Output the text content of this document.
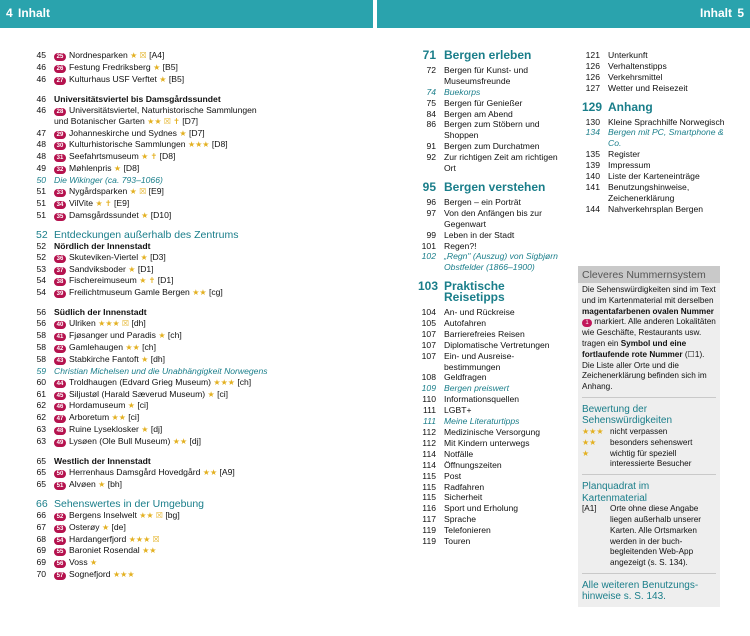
4 Inhalt	Inhalt 5
45	25 Nordnesparken ★ ☒ [A4]
46	26 Festung Fredriksberg ★ [B5]
46	27 Kulturhaus USF Verftet ★ [B5]
46 Universitätsviertel bis Damsgårdssundet
46	28 Universitätsviertel, Naturhistorische Sammlungen
und Botanischer Garten ★★ ☒ ✝ [D7]
47	29 Johanneskirche und Sydnes ★ [D7]
48	30 Kulturhistorische Sammlungen ★★★ [D8]
48	31 Seefahrtsmuseum ★ ✝ [D8]
49	32 Møhlenpris ★ [D8]
50 Die Wikinger (ca. 793–1066)
51	33 Nygårdsparken ★ ☒ [E9]
51	34 VilVite ★ ✝ [E9]
51	35 Damsgårdssundet ★ [D10]
52 Entdeckungen außerhalb des Zentrums
52 Nördlich der Innenstadt
52	36 Skuteviken-Viertel ★ [D3]
53	37 Sandviksboder ★ [D1]
54	38 Fischereimuseum ★ ✝ [D1]
54	39 Freilichtmuseum Gamle Bergen ★★ [cg]
56 Südlich der Innenstadt
56	40 Ulriken ★★★ ☒ [dh]
58	41 Fjøsanger und Paradis ★ [ch]
58	42 Gamlehaugen ★★ [ch]
58	43 Stabkirche Fantoft ★ [dh]
59 Christian Michelsen und die Unabhängigkeit Norwegens
60	44 Troldhaugen (Edvard Grieg Museum) ★★★ [ch]
61	45 Siljustøl (Harald Sæverud Museum) ★ [ci]
62	46 Hordamuseum ★ [ci]
62	47 Arboretum ★★ [ci]
63	48 Ruine Lyseklosker ★ [dj]
63	49 Lysøen (Ole Bull Museum) ★★ [dj]
65 Westlich der Innenstadt
65	50 Herrenhaus Damsgård Hovedgård ★★ [A9]
65	51 Alvøen ★ [bh]
66 Sehenswertes in der Umgebung
66	52 Bergens Inselwelt ★★ ☒ [bg]
67	53 Osterøy ★ [de]
68	54 Hardangerfjord ★★★ ☒
69	55 Baroniet Rosendal ★★
69	56 Voss ★
70	57 Sognefjord ★★★
71 Bergen erleben
72 Bergen für Kunst- und Museumsfreunde
74 Buekorps
75 Bergen für Genießer
84 Bergen am Abend
86 Bergen zum Stöbern und Shoppen
91 Bergen zum Durchatmen
92 Zur richtigen Zeit am richtigen Ort
95 Bergen verstehen
96 Bergen – ein Porträt
97 Von den Anfängen bis zur Gegenwart
99 Leben in der Stadt
101 Regen?!
102 „Regn" (Auszug) von Sigbjørn Obstfelder (1866–1900)
103 Praktische Reisetipps
104 An- und Rückreise
105 Autofahren
107 Barrierefreies Reisen
107 Diplomatische Vertretungen
107 Ein- und Ausreise-bestimmungen
108 Geldfragen
109 Bergen preiswert
110 Informationsquellen
111 LGBT+
111 Meine Literaturtipps
112 Medizinische Versorgung
112 Mit Kindern unterwegs
114 Notfälle
114 Öffnungszeiten
115 Post
115 Radfahren
115 Sicherheit
116 Sport und Erholung
117 Sprache
119 Telefonieren
119 Touren
121 Unterkunft
126 Verhaltenstipps
126 Verkehrsmittel
127 Wetter und Reisezeit
129 Anhang
130 Kleine Sprachhilfe Norwegisch
134 Bergen mit PC, Smartphone & Co.
135 Register
139 Impressum
140 Liste der Karteneinträge
141 Benutzungshinweise, Zeichenerklärung
144 Nahverkehrsplan Bergen
Cleveres Nummernsystem
Die Sehenswürdigkeiten sind im Text und im Kartenmaterial mit derselben magentafarbenen ovalen Nummer 1 markiert. Alle anderen Lokalitäten wie Geschäfte, Restaurants usw. tragen ein Symbol und eine fortlaufende rote Nummer (☐1). Die Liste aller Orte und die Zeichenerklärung befinden sich im Anhang.
Bewertung der Sehenswürdigkeiten
★★★ nicht verpassen
★★	besonders sehenswert
★	wichtig für speziell interessierte Besucher
Planquadrat im Kartenmaterial
[A1]	Orte ohne diese Angabe liegen außerhalb unserer Karten. Alle Ortsmarken werden in der buch-begleitenden Web-App angezeigt (s. S. 134).
Alle weiteren Benutzungs-hinweise s. S. 143.
